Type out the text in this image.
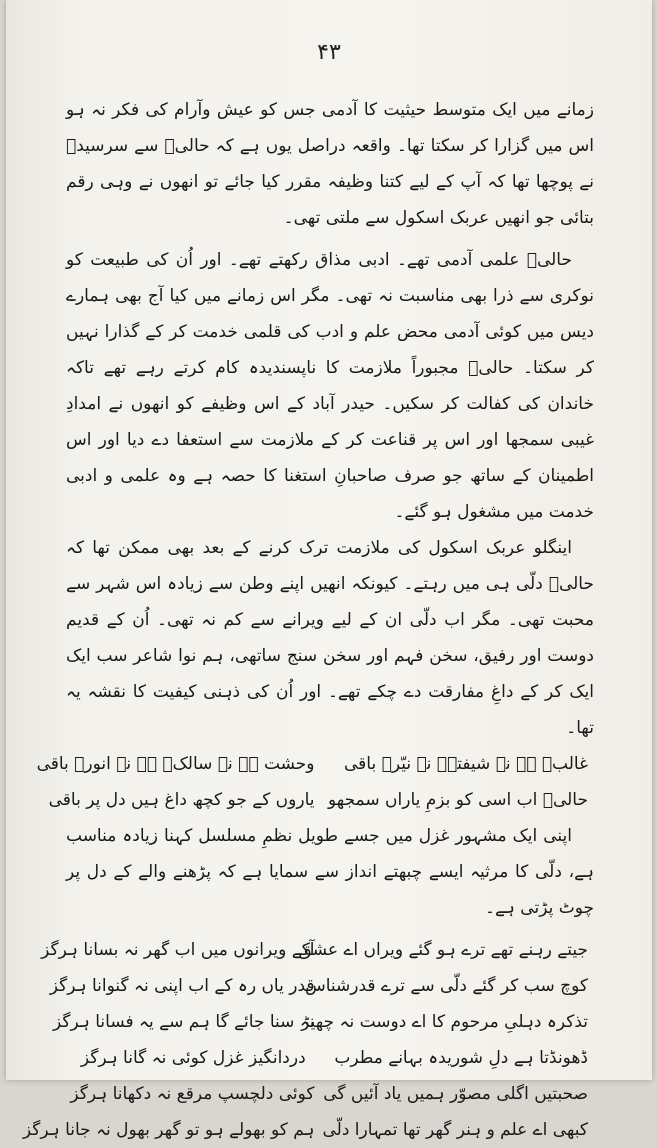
۴۳

زمانے میں ایک متوسط حیثیت کا آدمی جس کو عیش وآرام کی فکر نہ ہو اس میں گزارا کر سکتا تھا۔ واقعہ دراصل یوں ہے کہ حالیؔ سے سرسیدؔ نے پوچھا تھا کہ آپ کے لیے کتنا وظیفہ مقرر کیا جائے تو انھوں نے وہی رقم بتائی جو انھیں عربک اسکول سے ملتی تھی۔

حالیؔ علمی آدمی تھے۔ ادبی مذاق رکھتے تھے۔ اور اُن کی طبیعت کو نوکری سے ذرا بھی مناسبت نہ تھی۔ مگر اس زمانے میں کیا آج بھی ہمارے دیس میں کوئی آدمی محض علم و ادب کی قلمی خدمت کر کے گذارا نہیں کر سکتا۔ حالیؔ مجبوراً ملازمت کا ناپسندیدہ کام کرتے رہے تھے تاکہ خاندان کی کفالت کر سکیں۔ حیدر آباد کے اس وظیفے کو انھوں نے امدادِ غیبی سمجھا اور اس پر قناعت کر کے ملازمت سے استعفا دے دیا اور اس اطمینان کے ساتھ جو صرف صاحبانِ استغنا کا حصہ ہے وہ علمی و ادبی خدمت میں مشغول ہو گئے۔

اینگلو عربک اسکول کی ملازمت ترک کرنے کے بعد بھی ممکن تھا کہ حالیؔ دلّی ہی میں رہتے۔ کیونکہ انھیں اپنے وطن سے زیادہ اس شہر سے محبت تھی۔ مگر اب دلّی ان کے لیے ویرانے سے کم نہ تھی۔ اُن کے قدیم دوست اور رفیق، سخن فہم اور سخن سنج ساتھی، ہم نوا شاعر سب ایک ایک کر کے داغِ مفارقت دے چکے تھے۔ اور اُن کی ذہنی کیفیت کا نقشہ یہ تھا۔

غالبؔ ہے نہ شیفتہؔ نہ نیّرؔ باقی
وحشت ہے نہ سالکؔ ہے نہ انورؔ باقی
حالیؔ اب اسی کو بزمِ یاراں سمجھو
یاروں کے جو کچھ داغ ہیں دل پر باقی

اپنی ایک مشہور غزل میں جسے طویل نظمِ مسلسل کہنا زیادہ مناسب ہے، دلّی کا مرثیہ ایسے چبھتے انداز سے سمایا ہے کہ پڑھنے والے کے دل پر چوٹ پڑتی ہے۔

جیتے رہنے تھے ترے ہو گئے ویراں اے عشق
آکے ویرانوں میں اب گھر نہ بسانا ہرگز
کوچ سب کر گئے دلّی سے ترے قدرشناس
قدر یاں رہ کے اب اپنی نہ گنوانا ہرگز
تذکرہ دہلیِ مرحوم کا اے دوست نہ چھیڑ
نہ سنا جائے گا ہم سے یہ فسانا ہرگز
ڈھونڈتا ہے دلِ شوریدہ بہانے مطرب
دردانگیز غزل کوئی نہ گانا ہرگز
صحبتیں اگلی مصوّر ہمیں یاد آئیں گی
کوئی دلچسپ مرقع نہ دکھانا ہرگز
کبھی اے علم و ہنر گھر تھا تمہارا دلّی
ہم کو بھولے ہو تو گھر بھول نہ جانا ہرگز
